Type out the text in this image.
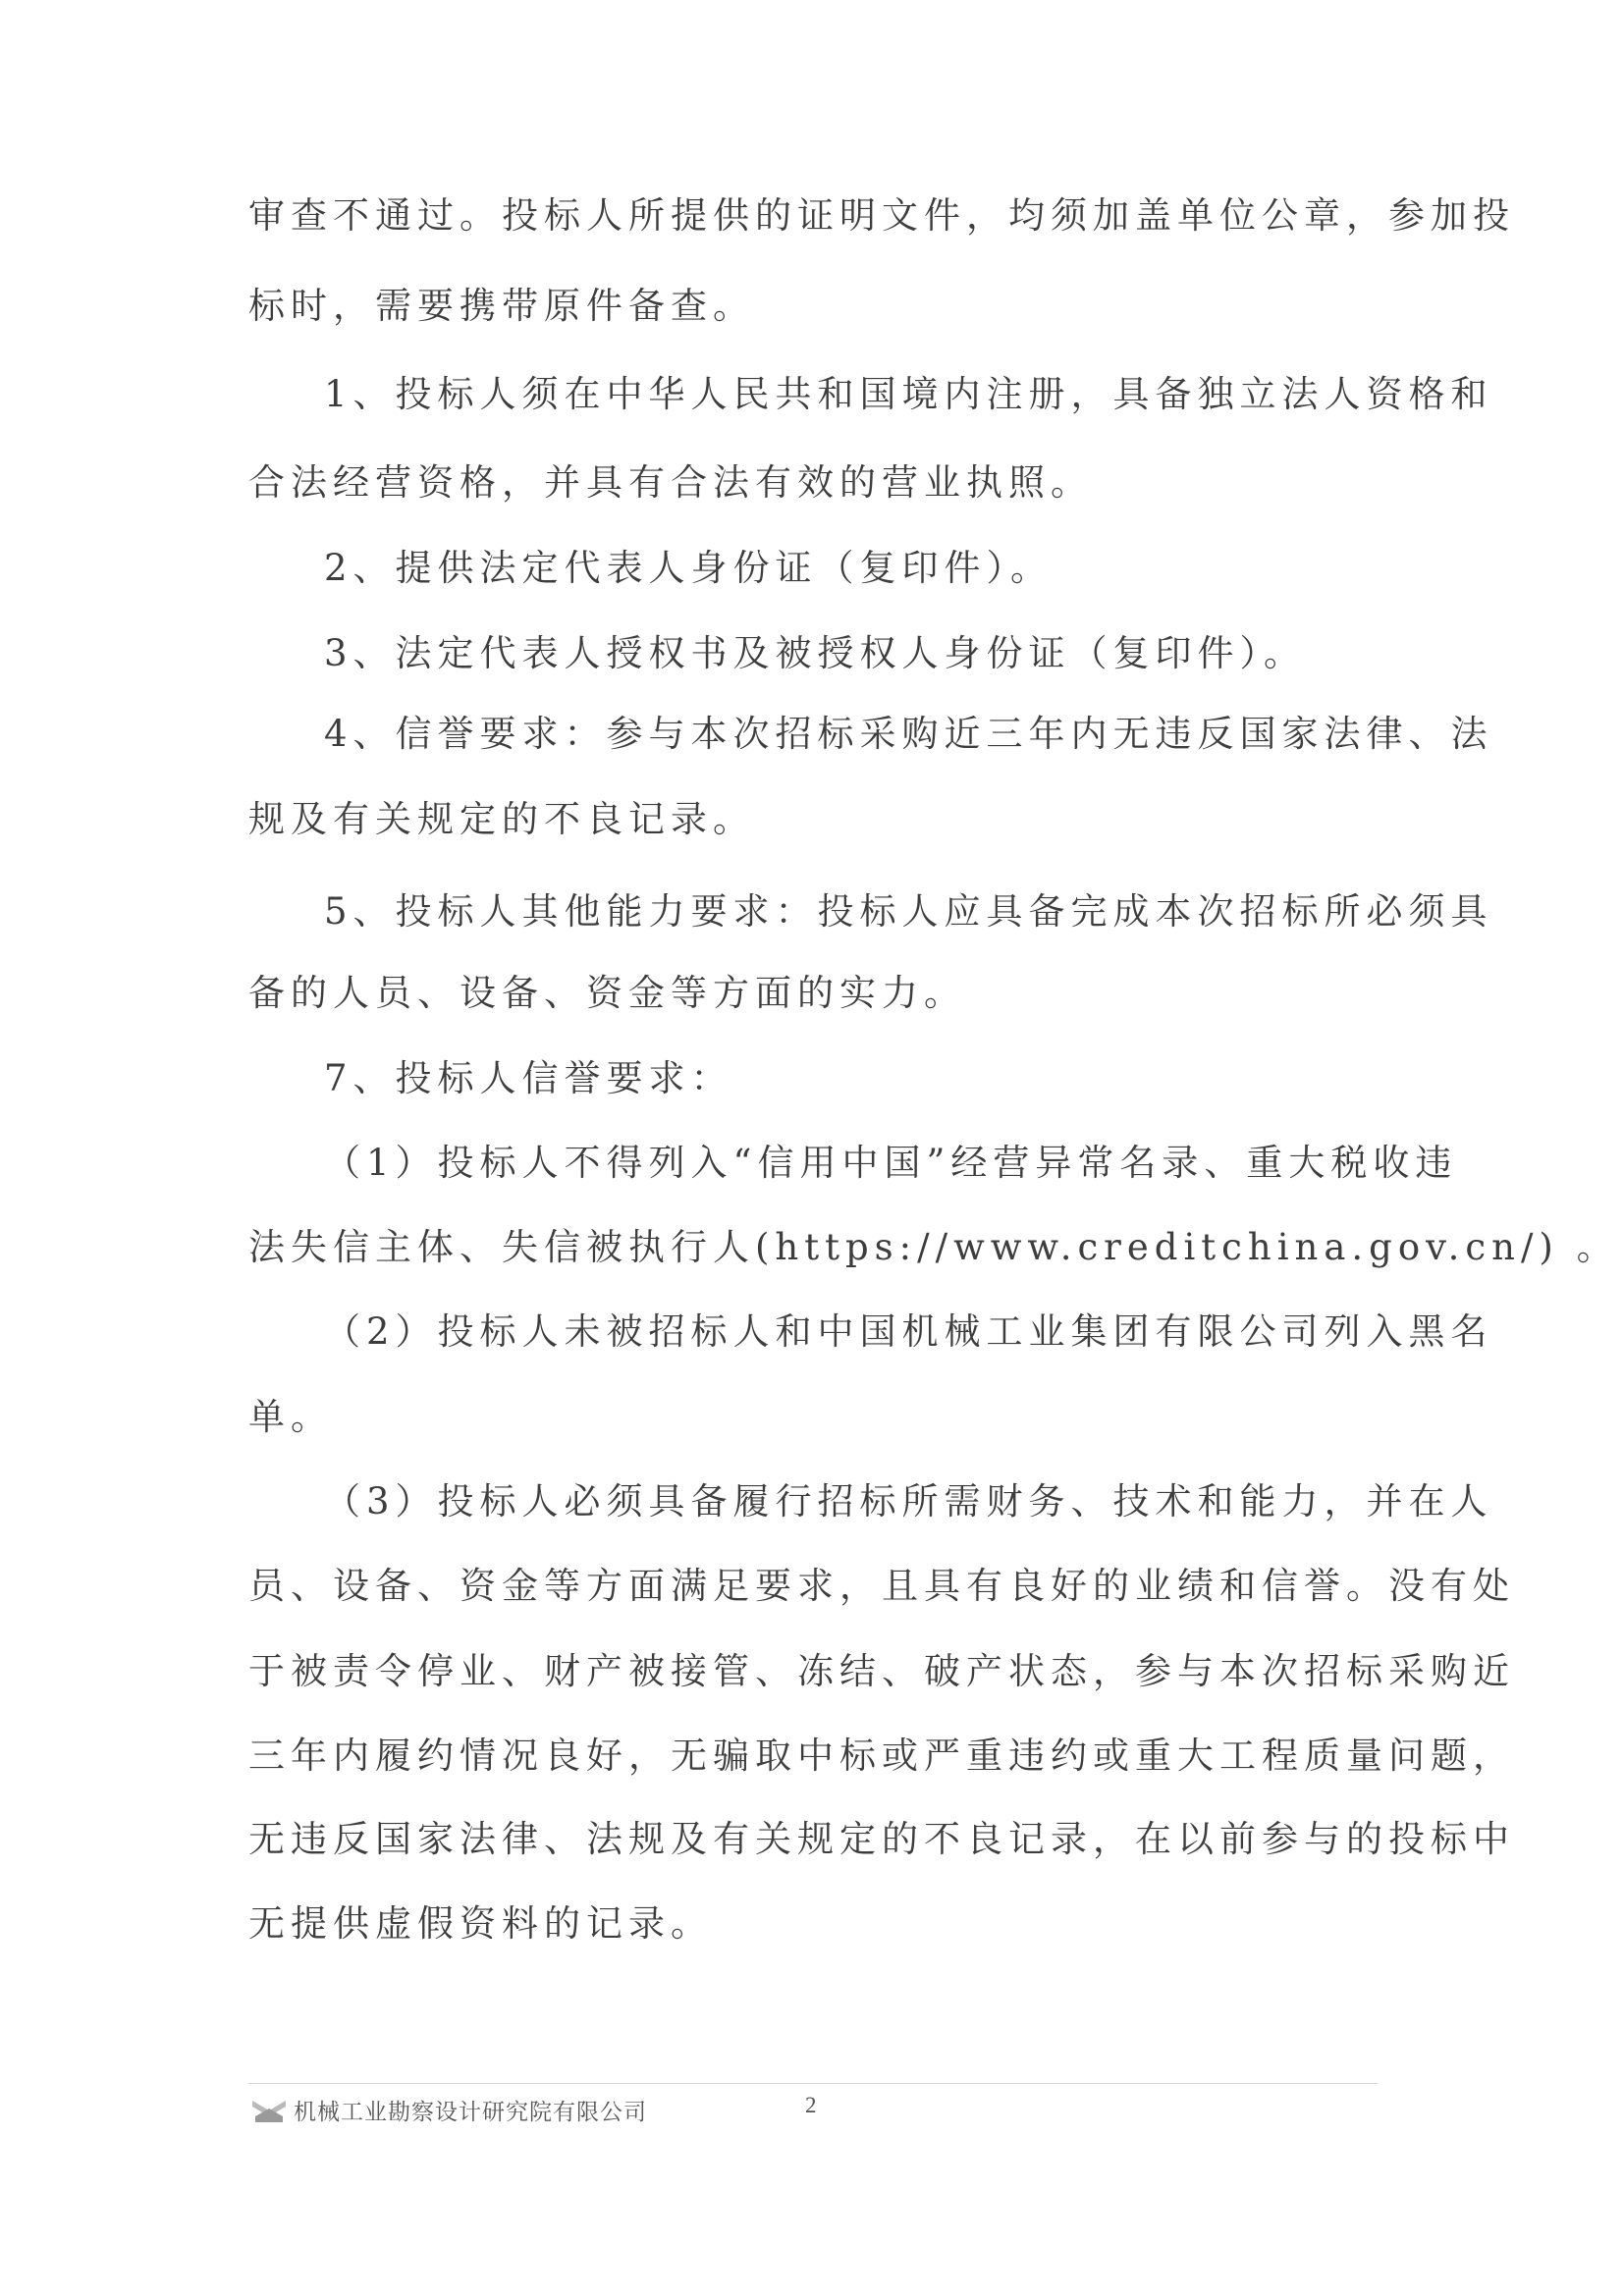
审查不通过。投标人所提供的证明文件，均须加盖单位公章，参加投
标时，需要携带原件备查。
1、投标人须在中华人民共和国境内注册，具备独立法人资格和
合法经营资格，并具有合法有效的营业执照。
2、提供法定代表人身份证（复印件）。
3、法定代表人授权书及被授权人身份证（复印件）。
4、信誉要求：参与本次招标采购近三年内无违反国家法律、法
规及有关规定的不良记录。
5、投标人其他能力要求：投标人应具备完成本次招标所必须具
备的人员、设备、资金等方面的实力。
7、投标人信誉要求：
（1）投标人不得列入“信用中国”经营异常名录、重大税收违
法失信主体、失信被执行人(https://www.creditchina.gov.cn/) 。
（2）投标人未被招标人和中国机械工业集团有限公司列入黑名
单。
（3）投标人必须具备履行招标所需财务、技术和能力，并在人
员、设备、资金等方面满足要求，且具有良好的业绩和信誉。没有处
于被责令停业、财产被接管、冻结、破产状态，参与本次招标采购近
三年内履约情况良好，无骗取中标或严重违约或重大工程质量问题，
无违反国家法律、法规及有关规定的不良记录，在以前参与的投标中
无提供虚假资料的记录。
机械工业勘察设计研究院有限公司	2
